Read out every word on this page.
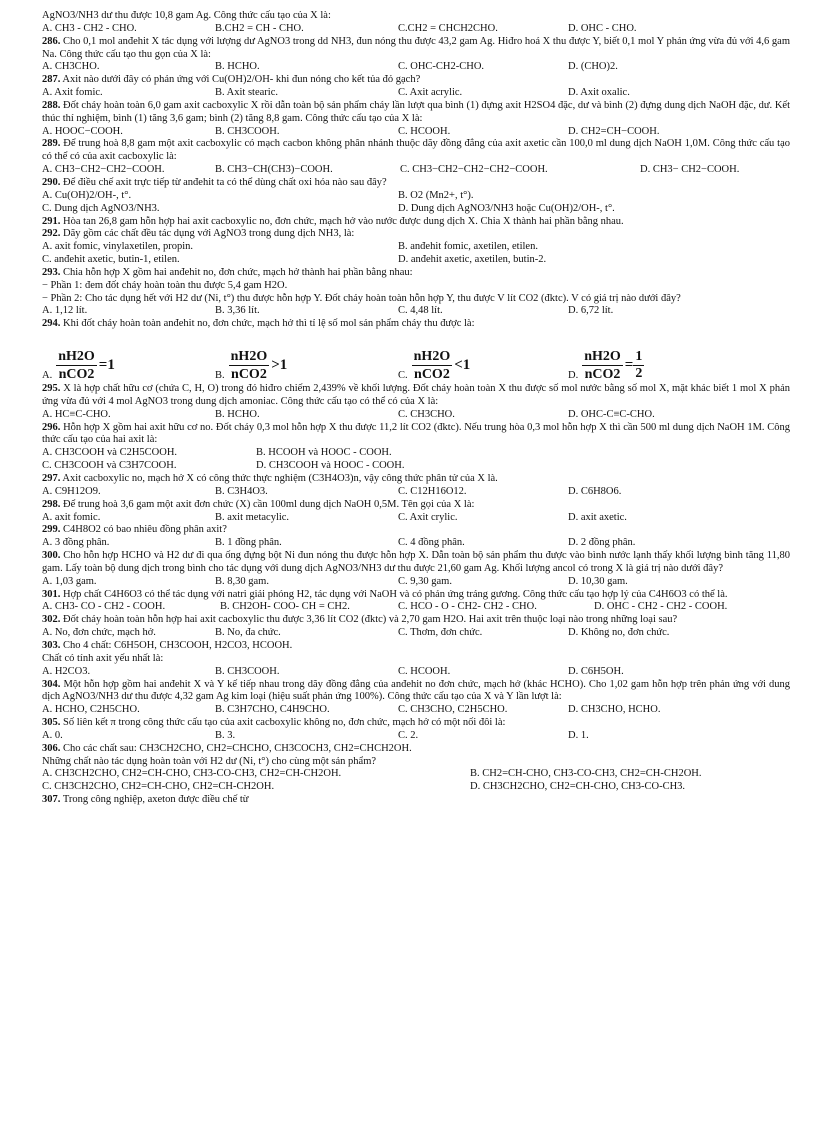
AgNO3/NH3 dư thu được 10,8 gam Ag. Công thức cấu tạo của X là:
A. CH3 - CH2 - CHO.	B.CH2 = CH - CHO.	C.CH2 = CHCH2CHO.	D. OHC - CHO.
286. Cho 0,1 mol anđehit X tác dụng với lượng dư AgNO3 trong dd NH3, đun nóng thu được 43,2 gam Ag. Hiđro hoá X thu được Y, biết 0,1 mol Y phản ứng vừa đủ với 4,6 gam Na. Công thức cấu tạo thu gọn của X là:
A. CH3CHO.	B. HCHO.	C. OHC-CH2-CHO.	D. (CHO)2.
287. Axit nào dưới đây có phản ứng với Cu(OH)2/OH- khi đun nóng cho kết tủa đỏ gạch?
A. Axit fomic.	B. Axit stearic.	C. Axit acrylic.	D. Axit oxalic.
288. Đốt cháy hoàn toàn 6,0 gam axit cacboxylic X rồi dẫn toàn bộ sản phẩm cháy lần lượt qua bình (1) đựng axit H2SO4 đặc, dư và bình (2) đựng dung dịch NaOH đặc, dư. Kết thúc thí nghiệm, bình (1) tăng 3,6 gam; bình (2) tăng 8,8 gam. Công thức cấu tạo của X là:
A. HOOC−COOH.	B. CH3COOH.	C. HCOOH.	D. CH2=CH−COOH.
289. Để trung hoà 8,8 gam một axit cacboxylic có mạch cacbon không phân nhánh thuộc dãy đồng đẳng của axit axetic cần 100,0 ml dung dịch NaOH 1,0M. Công thức cấu tạo có thể có của axit cacboxylic là:
A. CH3−CH2−CH2−COOH.	B. CH3−CH(CH3)−COOH.	C. CH3−CH2−CH2−CH2−COOH.	D. CH3− CH2−COOH.
290. Để điều chế axit trực tiếp từ anđehit ta có thể dùng chất oxi hóa nào sau đây?
A. Cu(OH)2/OH-, t°.	B. O2 (Mn2+, t°).
C. Dung dịch AgNO3/NH3.	D. Dung dịch AgNO3/NH3 hoặc Cu(OH)2/OH-, t°.
291. Hòa tan 26,8 gam hỗn hợp hai axit cacboxylic no, đơn chức, mạch hở vào nước được dung dịch X. Chia X thành hai phần bằng nhau.
292. Dãy gồm các chất đều tác dụng với AgNO3 trong dung dịch NH3, là:
A. axit fomic, vinylaxetilen, propin.	B. anđehit fomic, axetilen, etilen.
C. anđehit axetic, butin-1, etilen.	D. anđehit axetic, axetilen, butin-2.
293. Chia hỗn hợp X gồm hai anđehit no, đơn chức, mạch hở thành hai phần bằng nhau:
− Phần 1: đem đốt cháy hoàn toàn thu được 5,4 gam H2O.
− Phần 2: Cho tác dụng hết với H2 dư (Ni, t°) thu được hỗn hợp Y. Đốt cháy hoàn toàn hỗn hợp Y, thu được V lít CO2 (đktc). V có giá trị nào dưới đây?
A. 1,12 lít.	B. 3,36 lít.	C. 4,48 lít.	D. 6,72 lít.
294. Khi đốt cháy hoàn toàn anđehit no, đơn chức, mạch hở thì tỉ lệ số mol sản phẩm cháy thu được là:
A. $\frac{nH2O}{\text{nCO2}} =1$
B. $\frac{nH2O}{\text{nCO2}} >1$
C. $\frac{nH2O}{\text{nCO2}} <1$
D. $\frac{nH2O}{\text{nCO2}} = \frac{1}{2}$
295. X là hợp chất hữu cơ (chứa C, H, O) trong đó hiđro chiếm 2,439% về khối lượng. Đốt cháy hoàn toàn X thu được số mol nước bằng số mol X, mặt khác biết 1 mol X phản ứng vừa đủ với 4 mol AgNO3 trong dung dịch amoniac. Công thức cấu tạo có thể có của X là:
A. HC≡C-CHO.	B. HCHO.	C. CH3CHO.	D. OHC-C≡C-CHO.
296. Hỗn hợp X gồm hai axit hữu cơ no. Đốt cháy 0,3 mol hỗn hợp X thu được 11,2 lít CO2 (đktc). Nếu trung hòa 0,3 mol hỗn hợp X thì cần 500 ml dung dịch NaOH 1M. Công thức cấu tạo của hai axit là:
A. CH3COOH và C2H5COOH.	B. HCOOH và HOOC - COOH.
C. CH3COOH và C3H7COOH.	D. CH3COOH và HOOC - COOH.
297. Axit cacboxylic no, mạch hở X có công thức thực nghiệm (C3H4O3)n, vậy công thức phân tử của X là.
A. C9H12O9.	B. C3H4O3.	C. C12H16O12.	D. C6H8O6.
298. Để trung hoà 3,6 gam một axit đơn chức (X) cần 100ml dung dịch NaOH 0,5M. Tên gọi của X là:
A. axit fomic.	B. axit metacylic.	C. Axit crylic.	D. axit axetic.
299. C4H8O2 có bao nhiêu đồng phân axit?
A. 3 đồng phân.	B. 1 đồng phân.	C. 4 đồng phân.	D. 2 đồng phân.
300. Cho hỗn hợp HCHO và H2 dư đi qua ống đựng bột Ni đun nóng thu được hỗn hợp X. Dẫn toàn bộ sản phẩm thu được vào bình nước lạnh thấy khối lượng bình tăng 11,80 gam. Lấy toàn bộ dung dịch trong bình cho tác dụng với dung dịch AgNO3/NH3 dư thu được 21,60 gam Ag. Khối lượng ancol có trong X là giá trị nào dưới đây?
A. 1,03 gam.	B. 8,30 gam.	C. 9,30 gam.	D. 10,30 gam.
301. Hợp chất C4H6O3 có thể tác dụng với natri giải phóng H2, tác dụng với NaOH và có phản ứng tráng gương. Công thức cấu tạo hợp lý của C4H6O3 có thể là.
A. CH3- CO - CH2 - COOH.	B. CH2OH- COO- CH = CH2.	C. HCO - O - CH2- CH2 - CHO.	D. OHC - CH2 - CH2 - COOH.
302. Đốt cháy hoàn toàn hỗn hợp hai axit cacboxylic thu được 3,36 lít CO2 (đktc) và 2,70 gam H2O. Hai axit trên thuộc loại nào trong những loại sau?
A. No, đơn chức, mạch hở.	B. No, đa chức.	C. Thơm, đơn chức.	D. Không no, đơn chức.
303. Cho 4 chất: C6H5OH, CH3COOH, H2CO3, HCOOH.
Chất có tính axit yếu nhất là:
A. H2CO3.	B. CH3COOH.	C. HCOOH.	D. C6H5OH.
304. Một hỗn hợp gồm hai anđehit X và Y kế tiếp nhau trong dãy đồng đẳng của anđehit no đơn chức, mạch hở (khác HCHO). Cho 1,02 gam hỗn hợp trên phản ứng với dung dịch AgNO3/NH3 dư thu được 4,32 gam Ag kim loại (hiệu suất phản ứng 100%). Công thức cấu tạo của X và Y lần lượt là:
A. HCHO, C2H5CHO.	B. C3H7CHO, C4H9CHO.	C. CH3CHO, C2H5CHO.	D. CH3CHO, HCHO.
305. Số liên kết π trong công thức cấu tạo của axit cacboxylic không no, đơn chức, mạch hở có một nối đôi là:
A. 0.	B. 3.	C. 2.	D. 1.
306. Cho các chất sau: CH3CH2CHO, CH2=CHCHO, CH3COCH3, CH2=CHCH2OH.
Những chất nào tác dụng hoàn toàn với H2 dư (Ni, t°) cho cùng một sản phẩm?
A. CH3CH2CHO, CH2=CH-CHO, CH3-CO-CH3, CH2=CH-CH2OH.	B. CH2=CH-CHO, CH3-CO-CH3, CH2=CH-CH2OH.
C. CH3CH2CHO, CH2=CH-CHO, CH2=CH-CH2OH.	D. CH3CH2CHO, CH2=CH-CHO, CH3-CO-CH3.
307. Trong công nghiệp, axeton được điều chế từ
